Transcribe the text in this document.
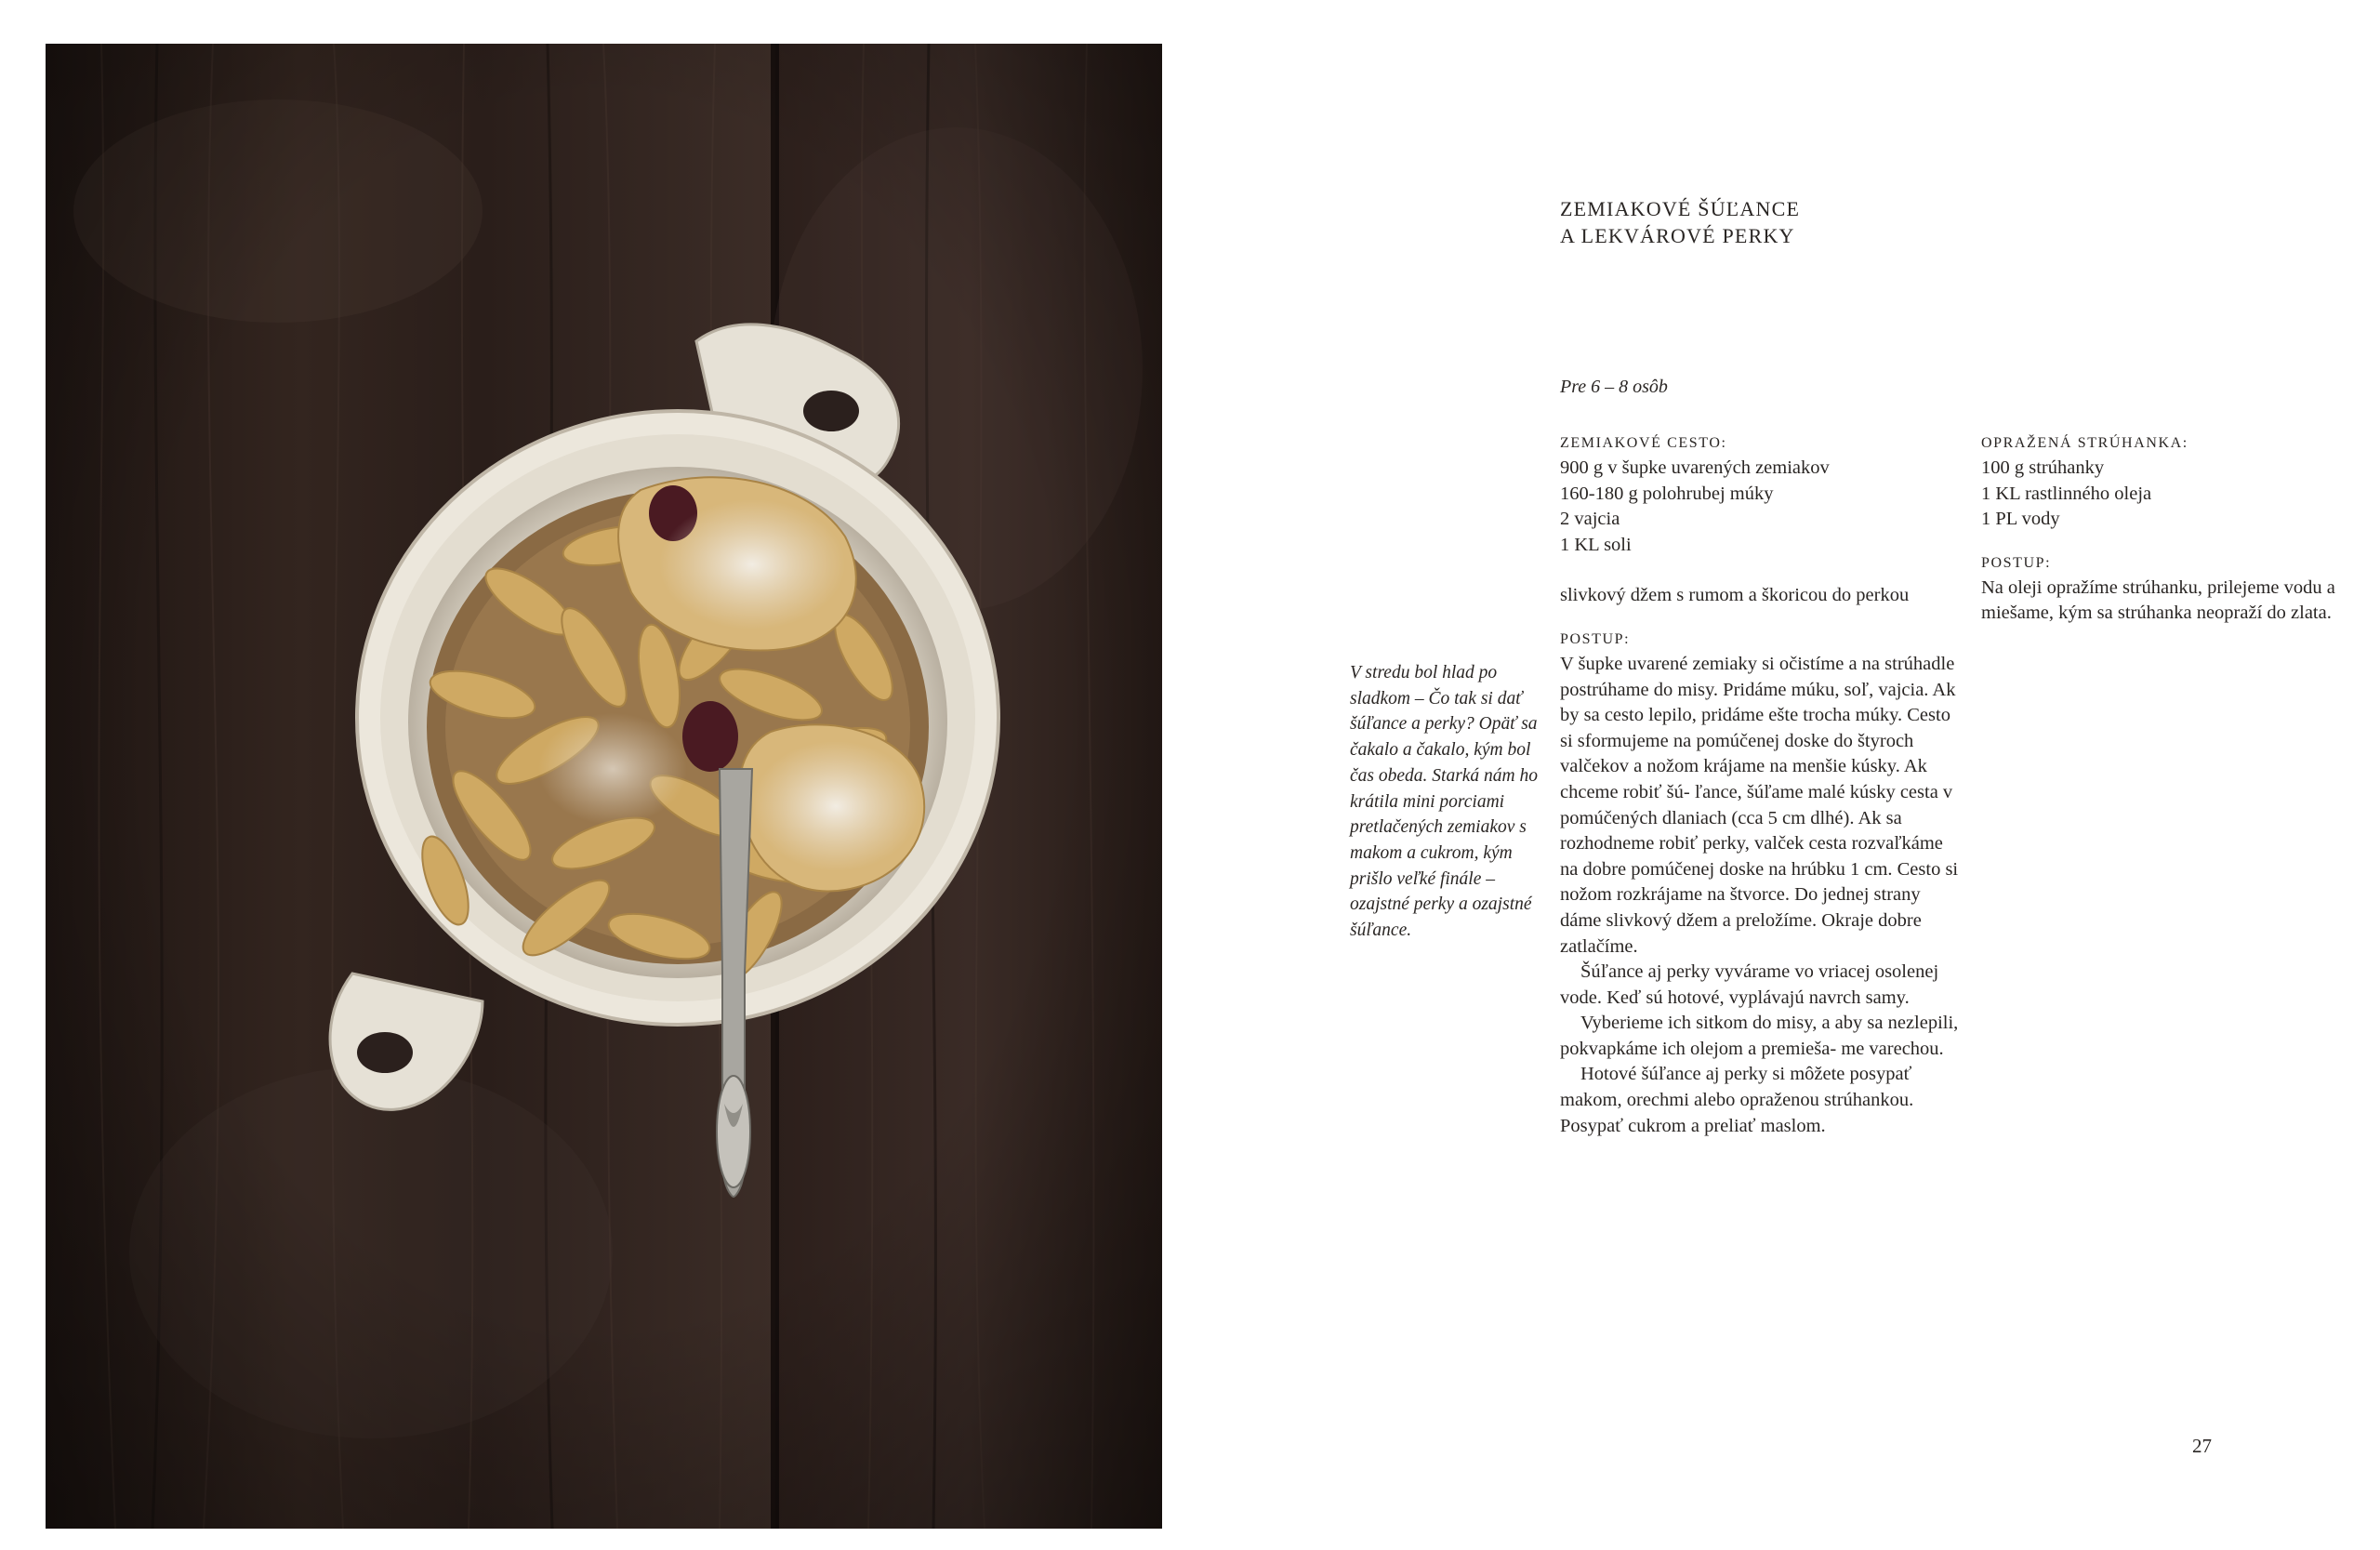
ZEMIAKOVÉ ŠÚĽANCE
A LEKVÁROVÉ PERKY
Pre 6 – 8 osôb
ZEMIAKOVÉ CESTO:
900 g v šupke uvarených zemiakov
160-180 g polohrubej múky
2 vajcia
1 KL soli
slivkový džem s rumom a škoricou do perkou
POSTUP:

V šupke uvarené zemiaky si očistíme a na strúhadle postrúhame do misy. Pridáme múku, soľ, vajcia. Ak by sa cesto lepilo, pridáme ešte trocha múky. Cesto si sformujeme na pomúčenej doske do štyroch valčekov a nožom krájame na menšie kúsky. Ak chceme robiť šú- ľance, šúľame malé kúsky cesta v pomúčených dlaniach (cca 5 cm dlhé). Ak sa rozhodneme robiť perky, valček cesta rozvaľkáme na dobre pomúčenej doske na hrúbku 1 cm. Cesto si nožom rozkrájame na štvorce. Do jednej strany dáme slivkový džem a preložíme. Okraje dobre zatlačíme.

Šúľance aj perky vyvárame vo vriacej osolenej vode. Keď sú hotové, vyplávajú navrch samy.

Vyberieme ich sitkom do misy, a aby sa nezlepili, pokvapkáme ich olejom a premieša- me varechou.

Hotové šúľance aj perky si môžete posypať makom, orechmi alebo opraženou strúhankou. Posypať cukrom a preliať maslom.

OPRAŽENÁ STRÚHANKA:
100 g strúhanky
1 KL rastlinného oleja
1 PL vody
POSTUP:
Na oleji opražíme strúhanku, prilejeme vodu a miešame, kým sa strúhanka neopraží do zlata.
V stredu bol hlad po sladkom – Čo tak si dať šúľance a perky? Opäť sa čakalo a čakalo, kým bol čas obeda. Starká nám ho krátila mini porciami pretlačených zemiakov s makom a cukrom, kým prišlo veľké finále – ozajstné perky a ozajstné šúľance.
27
